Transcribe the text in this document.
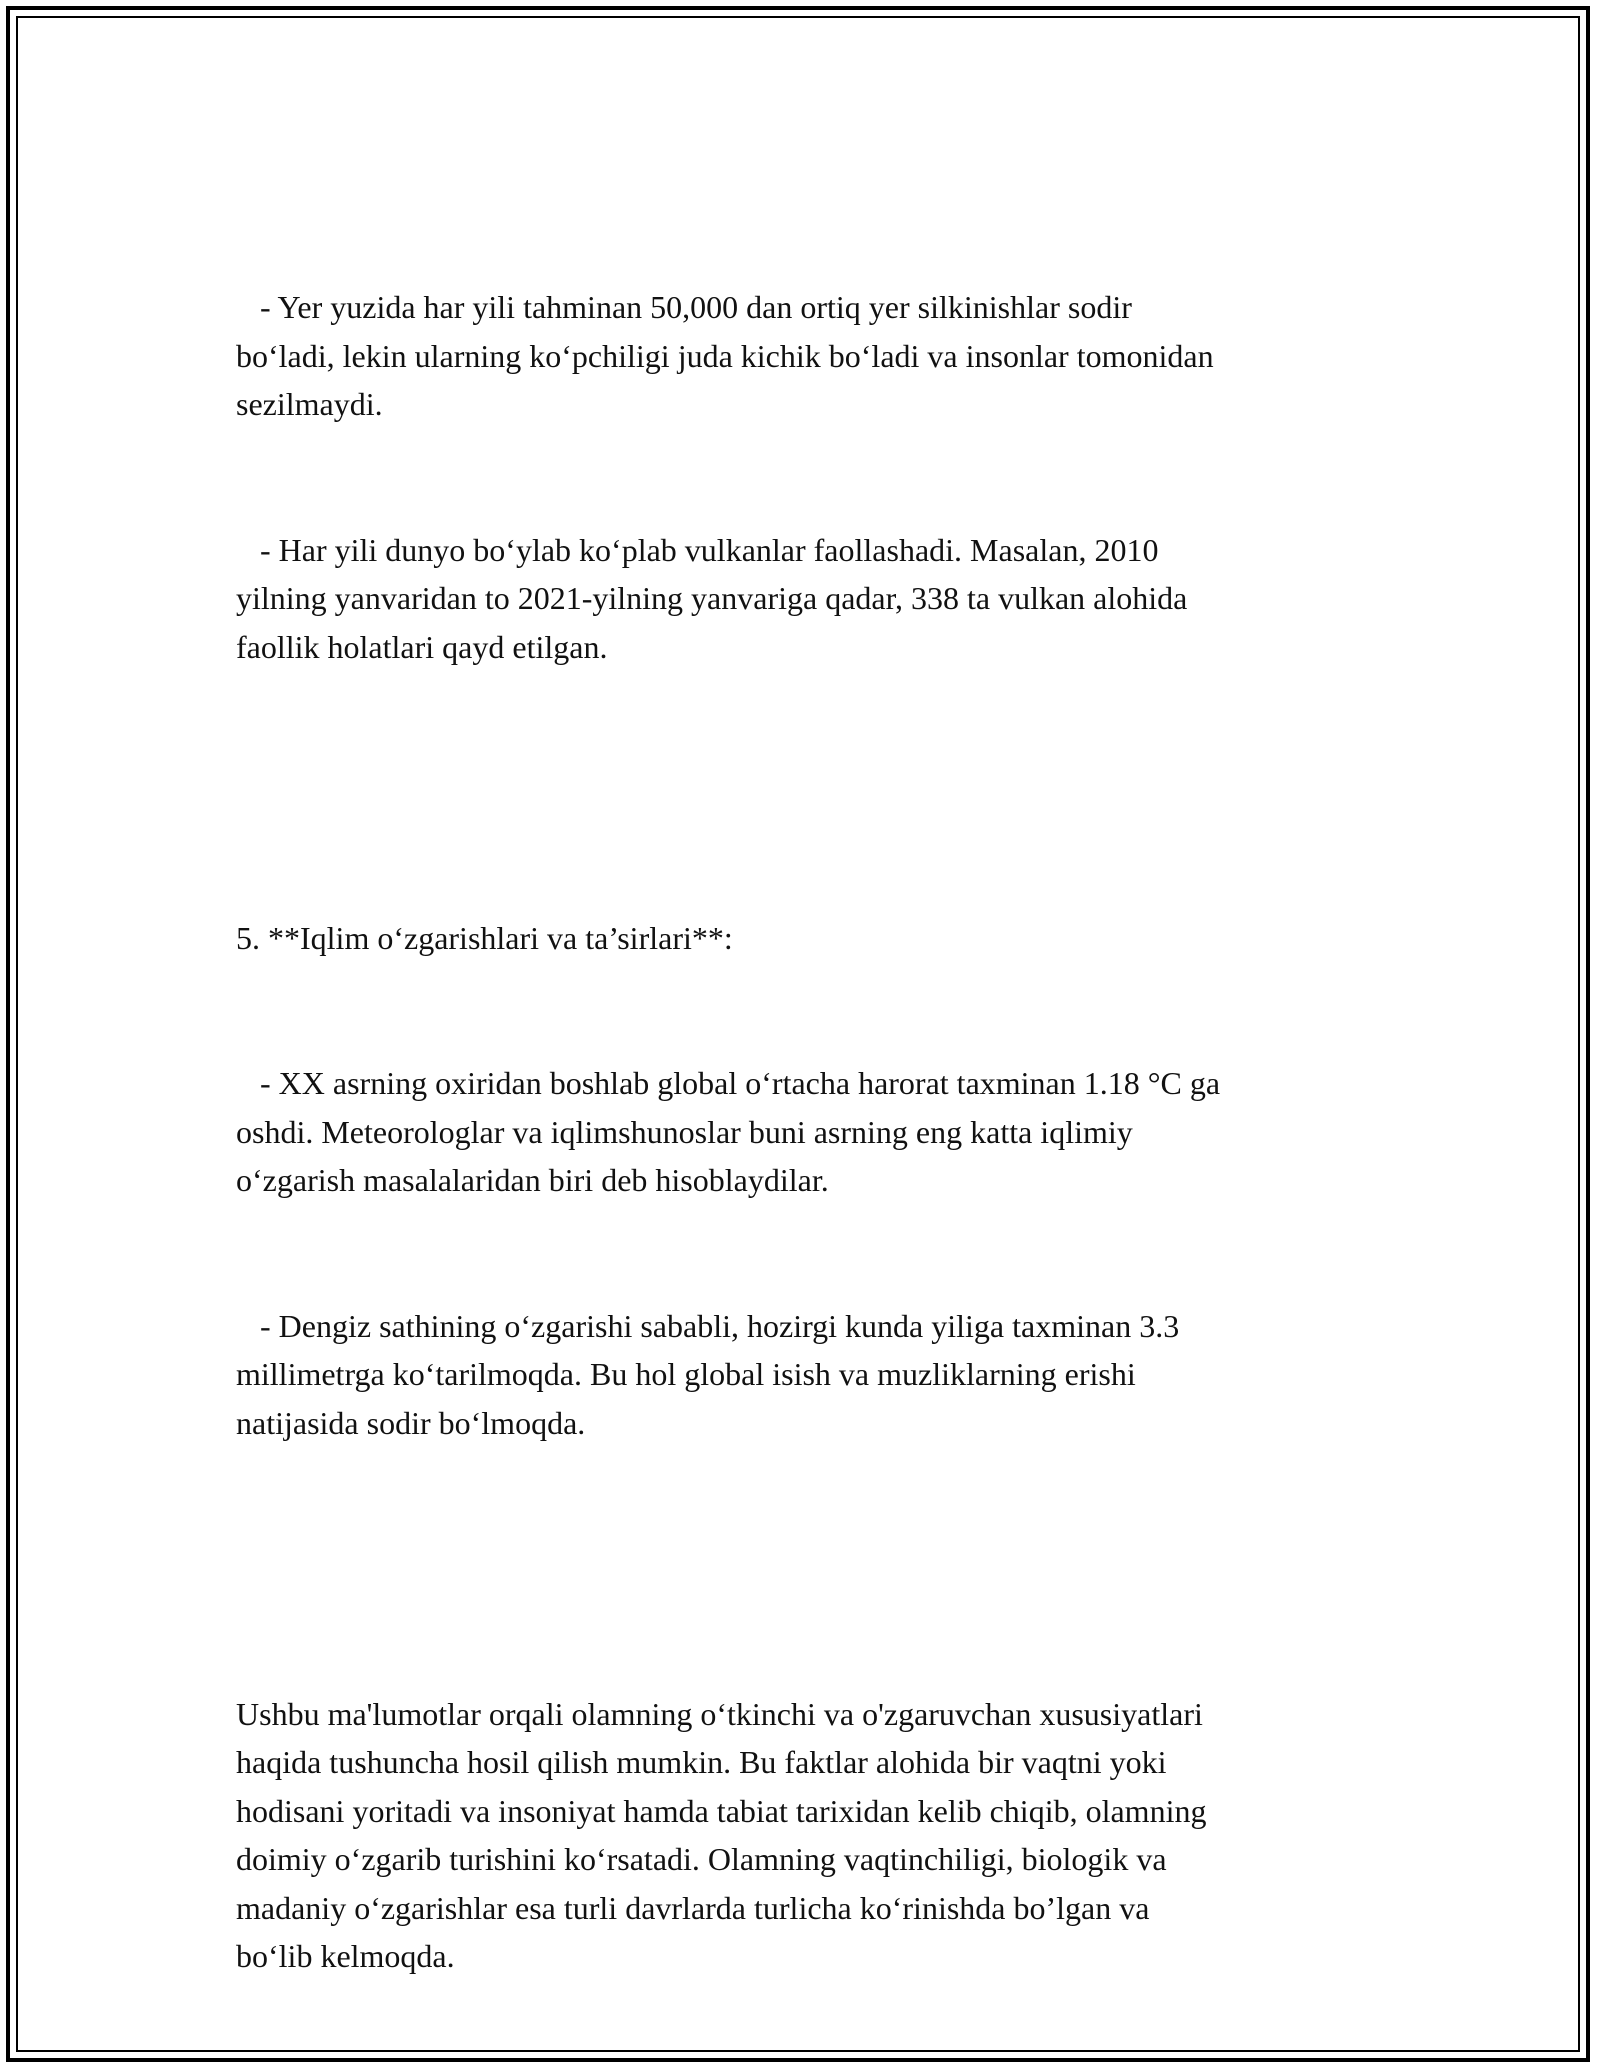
- Yer yuzida har yili tahminan 50,000 dan ortiq yer silkinishlar sodir
bo‘ladi, lekin ularning ko‘pchiligi juda kichik bo‘ladi va insonlar tomonidan
sezilmaydi.

- Har yili dunyo bo‘ylab ko‘plab vulkanlar faollashadi. Masalan, 2010
yilning yanvaridan to 2021-yilning yanvariga qadar, 338 ta vulkan alohida
faollik holatlari qayd etilgan.

5. **Iqlim o‘zgarishlari va ta’sirlari**:

- XX asrning oxiridan boshlab global o‘rtacha harorat taxminan 1.18 °C ga
oshdi. Meteorologlar va iqlimshunoslar buni asrning eng katta iqlimiy
o‘zgarish masalalaridan biri deb hisoblaydilar.

- Dengiz sathining o‘zgarishi sababli, hozirgi kunda yiliga taxminan 3.3
millimetrga ko‘tarilmoqda. Bu hol global isish va muzliklarning erishi
natijasida sodir bo‘lmoqda.

Ushbu ma'lumotlar orqali olamning o‘tkinchi va o'zgaruvchan xususiyatlari
haqida tushuncha hosil qilish mumkin. Bu faktlar alohida bir vaqtni yoki
hodisani yoritadi va insoniyat hamda tabiat tarixidan kelib chiqib, olamning
doimiy o‘zgarib turishini ko‘rsatadi. Olamning vaqtinchiligi, biologik va
madaniy o‘zgarishlar esa turli davrlarda turlicha ko‘rinishda bo’lgan va
bo‘lib kelmoqda.
